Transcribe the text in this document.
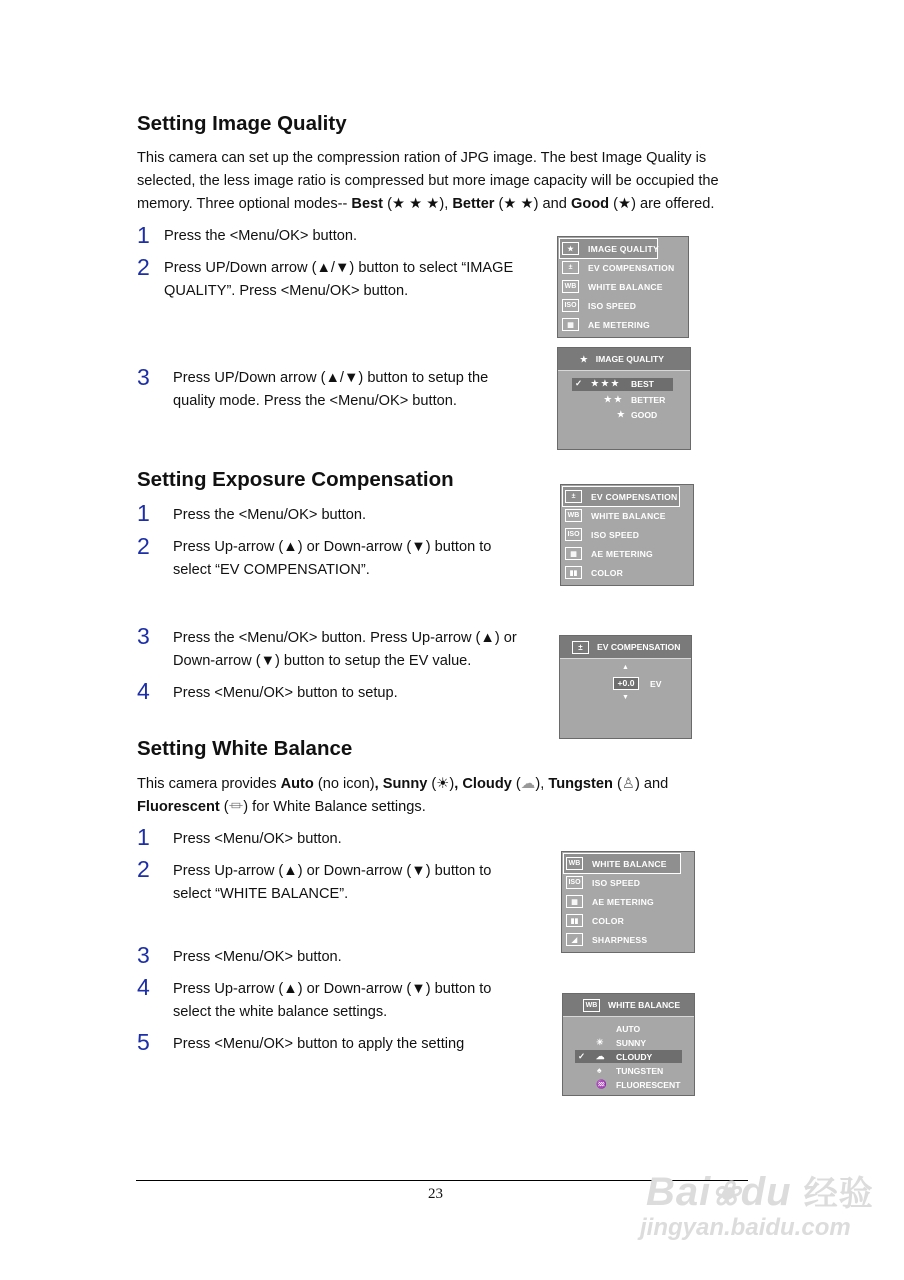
Setting Image Quality
This camera can set up the compression ration of JPG image. The best Image Quality is
selected, the less image ratio is compressed but more image capacity will be occupied the
memory. Three optional modes-- Best (★ ★ ★), Better (★ ★) and Good (★) are offered.
1 Press the <Menu/OK> button.
2 Press UP/Down arrow (▲/▼) button to select “IMAGE QUALITY”. Press <Menu/OK> button.
3 Press UP/Down arrow (▲/▼) button to setup the quality mode. Press the <Menu/OK> button.
★	IMAGE QUALITY
±	EV COMPENSATION
WB	WHITE BALANCE
ISO ISO SPEED
▦	AE METERING
★ IMAGE QUALITY
✓ ★ ★ ★ BEST
★ ★ BETTER
★ GOOD
Setting Exposure Compensation
1 Press the <Menu/OK> button.
2 Press Up-arrow (▲) or Down-arrow (▼) button to select “EV COMPENSATION”.
3 Press the <Menu/OK> button. Press Up-arrow (▲) or Down-arrow (▼) button to setup the EV value.
4 Press <Menu/OK> button to setup.
±	EV COMPENSATION
WB	WHITE BALANCE
ISO ISO SPEED
▦	AE METERING
▮▮	COLOR
±	EV COMPENSATION
▲
+0.0	EV
▼
Setting White Balance
This camera provides Auto (no icon), Sunny (☀), Cloudy (☁), Tungsten (♙) and
Fluorescent (⏛) for White Balance settings.
1 Press <Menu/OK> button.
2 Press Up-arrow (▲) or Down-arrow (▼) button to select “WHITE BALANCE”.
3 Press <Menu/OK> button.
4 Press Up-arrow (▲) or Down-arrow (▼) button to select the white balance settings.
5 Press <Menu/OK> button to apply the setting
WB	WHITE BALANCE
ISO ISO SPEED
▦	AE METERING
▮▮	COLOR
◢	SHARPNESS
WB	WHITE BALANCE
AUTO
☀ SUNNY
✓ ☁ CLOUDY
♠ TUNGSTEN
♒ FLUORESCENT
23	Bai❀du 经验
jingyan.baidu.com
